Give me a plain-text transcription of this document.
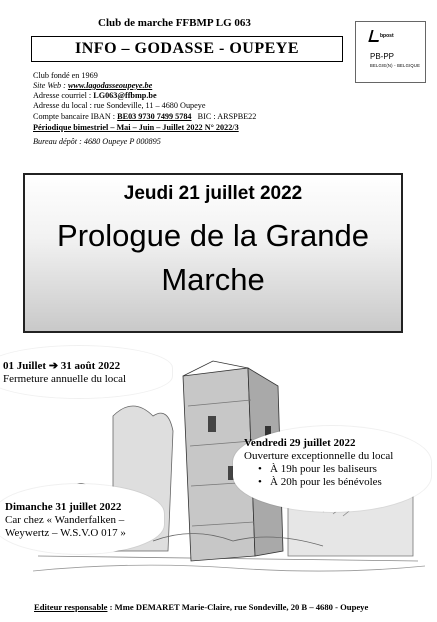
Club de marche FFBMP LG 063
INFO – GODASSE - OUPEYE
bpost
PB-PP
BELGIE(N) - BELGIQUE
Club fondé en 1969
Site Web : www.lagodasseoupeye.be
Adresse courriel : LG063@ffbmp.be
Adresse du local : rue Sondeville, 11 – 4680 Oupeye
Compte bancaire IBAN : BE03 9730 7499 5784 BIC : ARSPBE22
Périodique bimestriel – Mai – Juin – Juillet 2022 N° 2022/3
Bureau dépôt : 4680 Oupeye P 000895
Jeudi 21 juillet 2022
Prologue de la Grande
Marche
01 Juillet ➔ 31 août 2022
Fermeture annuelle du local
Vendredi 29 juillet 2022
Ouverture exceptionnelle du local
• À 19h pour les baliseurs
• À 20h pour les bénévoles
Dimanche 31 juillet 2022
Car chez « Wanderfalken –
Weywertz – W.S.V.O 017 »
Editeur responsable : Mme DEMARET Marie-Claire, rue Sondeville, 20 B – 4680 - Oupeye
